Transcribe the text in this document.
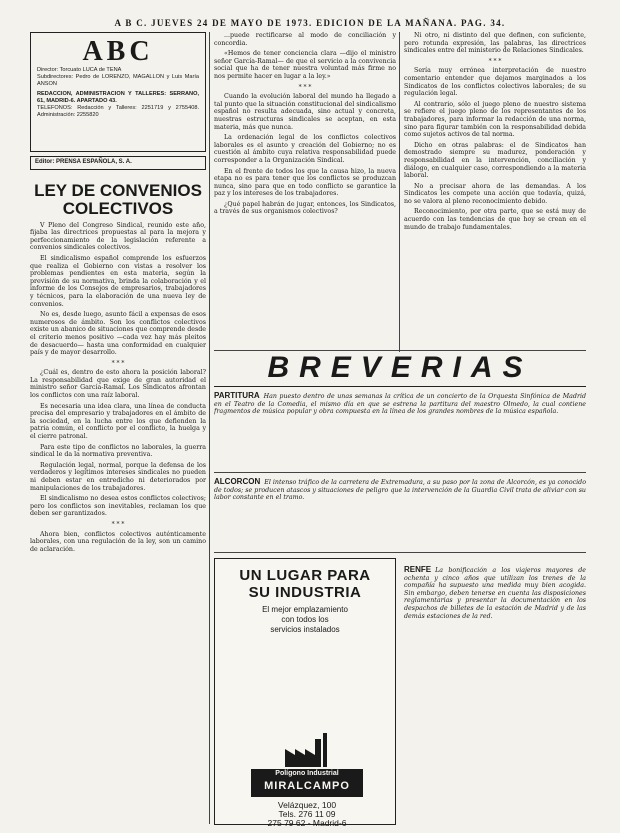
A B C. JUEVES 24 DE MAYO DE 1973. EDICION DE LA MAÑANA. PAG. 34.
ABC
Director: Torcuato LUCA de TENA
Subdirectores: Pedro de LORENZO, MAGALLON y Luis María ANSON
REDACCION, ADMINISTRACION Y TALLERES: SERRANO, 61, MADRID-6. APARTADO 43.
TELEFONOS: Redacción y Talleres: 2251719 y 2755408. Administración: 2255820
Editor: PRENSA ESPAÑOLA, S. A.
LEY DE CONVENIOS COLECTIVOS

V Pleno del Congreso Sindical, reunido este año, fijaba las directrices propuestas al para la mejora y perfeccionamiento de la legislación referente a convenios sindicales colectivos.

El sindicalismo español comprende los esfuerzos que realiza el Gobierno con vistas a resolver los problemas pendientes en esta materia, según la previsión de su normativa, brinda la colaboración y el informe de los Consejos de empresarios, trabajadores y técnicos, para la elaboración de una nueva ley de convenios.

No es, desde luego, asunto fácil a expensas de esos numerosos de ámbito. Son los conflictos colectivos existe un abanico de situaciones que comprende desde el criterio menos positivo —cada vez hay más pleitos de desacuerdo— hasta una conformidad en cualquier país y de mayor desarrollo.

* * *

¿Cuál es, dentro de esto ahora la posición laboral? La responsabilidad que exige de gran autoridad el ministro señor García-Ramal. Los Sindicatos afrontan los conflictos con una raíz laboral.

Es necesaria una idea clara, una línea de conducta precisa del empresario y trabajadores en el ámbito de la sociedad, en la lucha entre los que defienden la patria común, el conflicto por el conflicto, la huelga y el cierre patronal.

Para este tipo de conflictos no laborales, la guerra sindical le da la normativa preventiva.

Regulación legal, normal, porque la defensa de los verdaderos y legítimos intereses sindicales no pueden ni deben estar en entredicho ni deteriorados por manipulaciones de los trabajadores.

El sindicalismo no desea estos conflictos colectivos; pero los conflictos son inevitables, reclaman los que deben ser garantizados.

* * *

Ahora bien, conflictos colectivos auténticamente laborales, con una regulación de la ley, son un camino de aclaración.

...puede rectificarse al modo de conciliación y concordia.

«Hemos de tener conciencia clara —dijo el ministro señor García-Ramal— de que el servicio a la convivencia social que ha de tener nuestra voluntad más firme no nos permite hacer en lugar a la ley.»

* * *

Cuando la evolución laboral del mundo ha llegado a tal punto que la situación constitucional del sindicalismo español no resulta adecuada, sino actual y concreta, nuestras estructuras sindicales se aceptan, en esta materia, más que nunca.

La ordenación legal de los conflictos colectivos laborales es el asunto y creación del Gobierno; no es cuestión al ámbito cuya relativa responsabilidad puede corresponder a la Organización Sindical.

En el frente de todos los que la causa hizo, la nueva etapa no es para tener que los conflictos se produzcan nunca, sino para que en todo conflicto se garantice la paz y los intereses de los trabajadores.

¿Qué papel habrán de jugar, entonces, los Sindicatos, a través de sus organismos colectivos?

Ni otro, ni distinto del que definen, con suficiente, pero rotunda expresión, las palabras, las directrices sindicales entre del ministerio de Relaciones Sindicales.

* * *

Sería muy errónea interpretación de nuestro comentario entender que dejamos marginados a los Sindicatos de los conflictos colectivos laborales; de su regulación legal.

Al contrario, sólo el juego pleno de nuestro sistema se refiere el juego pleno de los representantes de los trabajadores, para informar la redacción de una norma, sino para figurar también con la responsabilidad debida como sujetos activos de tal norma.

Dicho en otras palabras: el de Sindicatos han demostrado siempre su madurez, ponderación y responsabilidad en la intervención, conciliación y diálogo, en cualquier caso, correspondiendo a la materia laboral.

No a precisar ahora de las demandas. A los Sindicatos les compete una acción que todavía, quizá, no se valora al pleno reconocimiento debido.

Reconocimiento, por otra parte, que se está muy de acuerdo con las tendencias de que hoy se crean en el mundo de trabajo fundamentales.

BREVERIAS

PARTITURA Han puesto dentro de unas semanas la crítica de un concierto de la Orquesta Sinfónica de Madrid en el Teatro de la Comedia, el mismo día en que se estrena la partitura del maestro Olmedo, la cual contiene fragmentos de música popular y obra compuesta en la línea de los grandes nombres de la música española.

ALCORCON El intenso tráfico de la carretera de Extremadura, a su paso por la zona de Alcorcón, es ya conocido de todos; se producen atascos y situaciones de peligro que la intervención de la Guardia Civil trata de aliviar con su labor constante en el tramo.

RENFE La bonificación a los viajeros mayores de ochenta y cinco años que utilizan los trenes de la compañía ha supuesto una medida muy bien acogida. Sin embargo, deben tenerse en cuenta las disposiciones reglamentarias y presentar la documentación en los despachos de billetes de la estación de Madrid y de las demás estaciones de la red.

UN LUGAR PARA
SU INDUSTRIA
El mejor emplazamiento
con todos los
servicios instalados
Polígono Industrial
MIRALCAMPO
Velázquez, 100
Tels. 276 11 09
275 79 62 - Madrid-6
